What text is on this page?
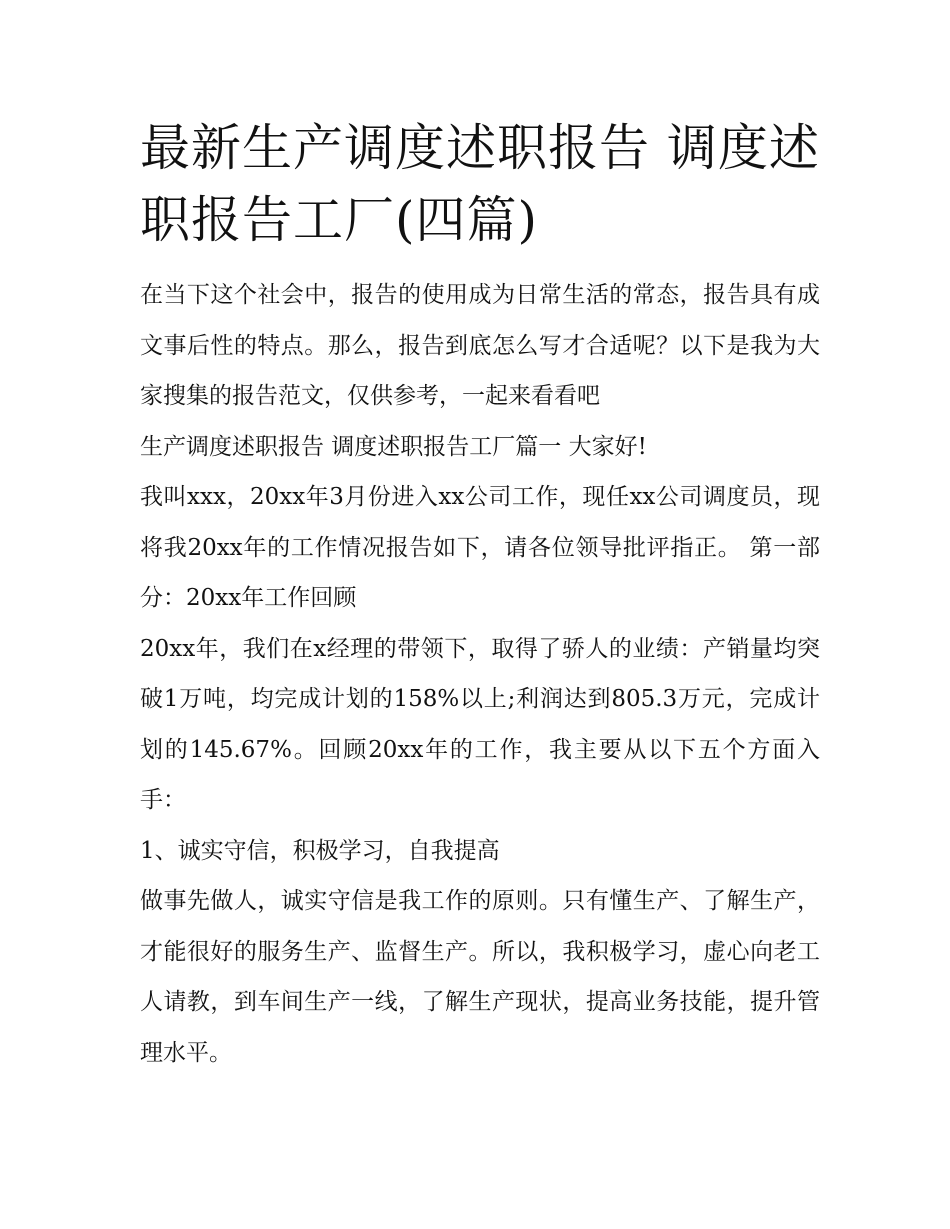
最新生产调度述职报告 调度述职报告工厂(四篇)

在当下这个社会中，报告的使用成为日常生活的常态，报告具有成文事后性的特点。那么，报告到底怎么写才合适呢？以下是我为大家搜集的报告范文，仅供参考，一起来看看吧

生产调度述职报告 调度述职报告工厂篇一 大家好!

我叫xxx，20xx年3月份进入xx公司工作，现任xx公司调度员，现将我20xx年的工作情况报告如下，请各位领导批评指正。 第一部分：20xx年工作回顾

20xx年，我们在x经理的带领下，取得了骄人的业绩：产销量均突破1万吨，均完成计划的158%以上;利润达到805.3万元，完成计划的145.67%。回顾20xx年的工作，我主要从以下五个方面入手：

1、诚实守信，积极学习，自我提高

做事先做人，诚实守信是我工作的原则。只有懂生产、了解生产，才能很好的服务生产、监督生产。所以，我积极学习，虚心向老工人请教，到车间生产一线，了解生产现状，提高业务技能，提升管理水平。
